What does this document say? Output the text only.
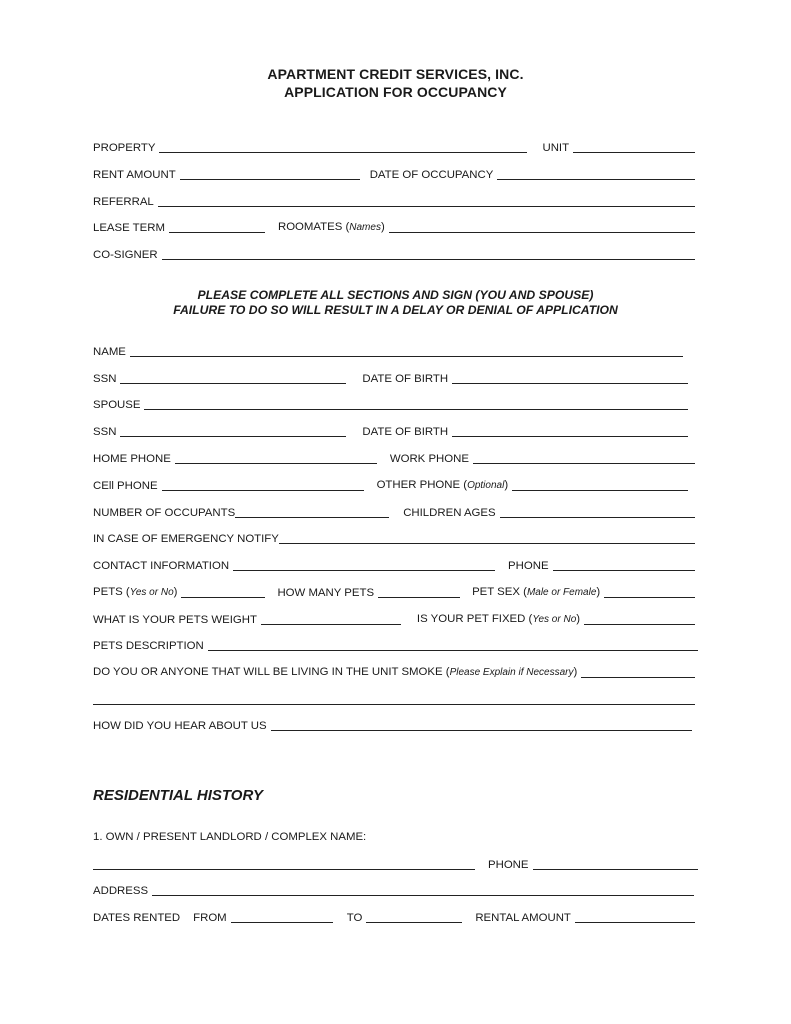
APARTMENT CREDIT SERVICES, INC.
APPLICATION FOR OCCUPANCY
PROPERTY	UNIT
RENT AMOUNT	DATE OF OCCUPANCY
REFERRAL
LEASE TERM	ROOMATES (Names)
CO-SIGNER
PLEASE COMPLETE ALL SECTIONS AND SIGN (YOU AND SPOUSE)
FAILURE TO DO SO WILL RESULT IN A DELAY OR DENIAL OF APPLICATION
NAME
SSN	DATE OF BIRTH
SPOUSE
SSN	DATE OF BIRTH
HOME PHONE	WORK PHONE
CEll PHONE	OTHER PHONE (Optional)
NUMBER OF OCCUPANTS	CHILDREN AGES
IN CASE OF EMERGENCY NOTIFY
CONTACT INFORMATION	PHONE
PETS (Yes or No)	HOW MANY PETS	PET SEX (Male or Female)
WHAT IS YOUR PETS WEIGHT	IS YOUR PET FIXED (Yes or No)
PETS DESCRIPTION
DO YOU OR ANYONE THAT WILL BE LIVING IN THE UNIT SMOKE (Please Explain if Necessary)
HOW DID YOU HEAR ABOUT US
RESIDENTIAL HISTORY
1. OWN / PRESENT LANDLORD / COMPLEX NAME:
PHONE
ADDRESS
DATES RENTED FROM	TO	RENTAL AMOUNT
